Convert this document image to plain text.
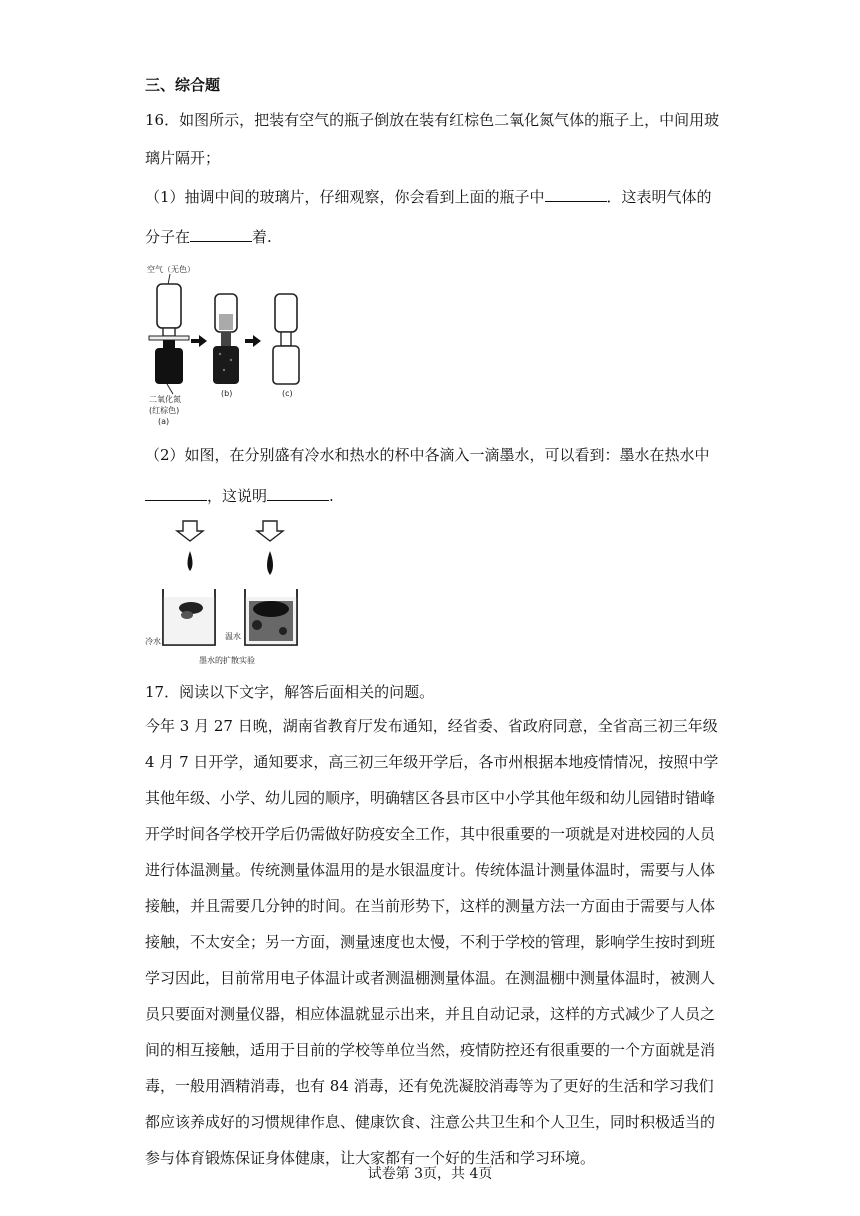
三、综合题
16．如图所示，把装有空气的瓶子倒放在装有红棕色二氧化氮气体的瓶子上，中间用玻
璃片隔开；
（1）抽调中间的玻璃片，仔细观察，你会看到上面的瓶子中	．这表明气体的
分子在	着.
空气（无色）
二氧化氮
(红棕色)
(a)
(b)	(c)
（2）如图，在分别盛有冷水和热水的杯中各滴入一滴墨水，可以看到：墨水在热水中
，这说明	.
冷水
温水
墨水的扩散实验
17．阅读以下文字，解答后面相关的问题。
今年 3 月 27 日晚，湖南省教育厅发布通知，经省委、省政府同意，全省高三初三年级
4 月 7 日开学，通知要求，高三初三年级开学后，各市州根据本地疫情情况，按照中学
其他年级、小学、幼儿园的顺序，明确辖区各县市区中小学其他年级和幼儿园错时错峰
开学时间各学校开学后仍需做好防疫安全工作，其中很重要的一项就是对进校园的人员
进行体温测量。传统测量体温用的是水银温度计。传统体温计测量体温时，需要与人体
接触，并且需要几分钟的时间。在当前形势下，这样的测量方法一方面由于需要与人体
接触，不太安全；另一方面，测量速度也太慢，不利于学校的管理，影响学生按时到班
学习因此，目前常用电子体温计或者测温棚测量体温。在测温棚中测量体温时，被测人
员只要面对测量仪器，相应体温就显示出来，并且自动记录，这样的方式减少了人员之
间的相互接触，适用于目前的学校等单位当然，疫情防控还有很重要的一个方面就是消
毒，一般用酒精消毒，也有 84 消毒，还有免洗凝胶消毒等为了更好的生活和学习我们
都应该养成好的习惯规律作息、健康饮食、注意公共卫生和个人卫生，同时积极适当的
参与体育锻炼保证身体健康，让大家都有一个好的生活和学习环境。
试卷第 3页，共 4页
